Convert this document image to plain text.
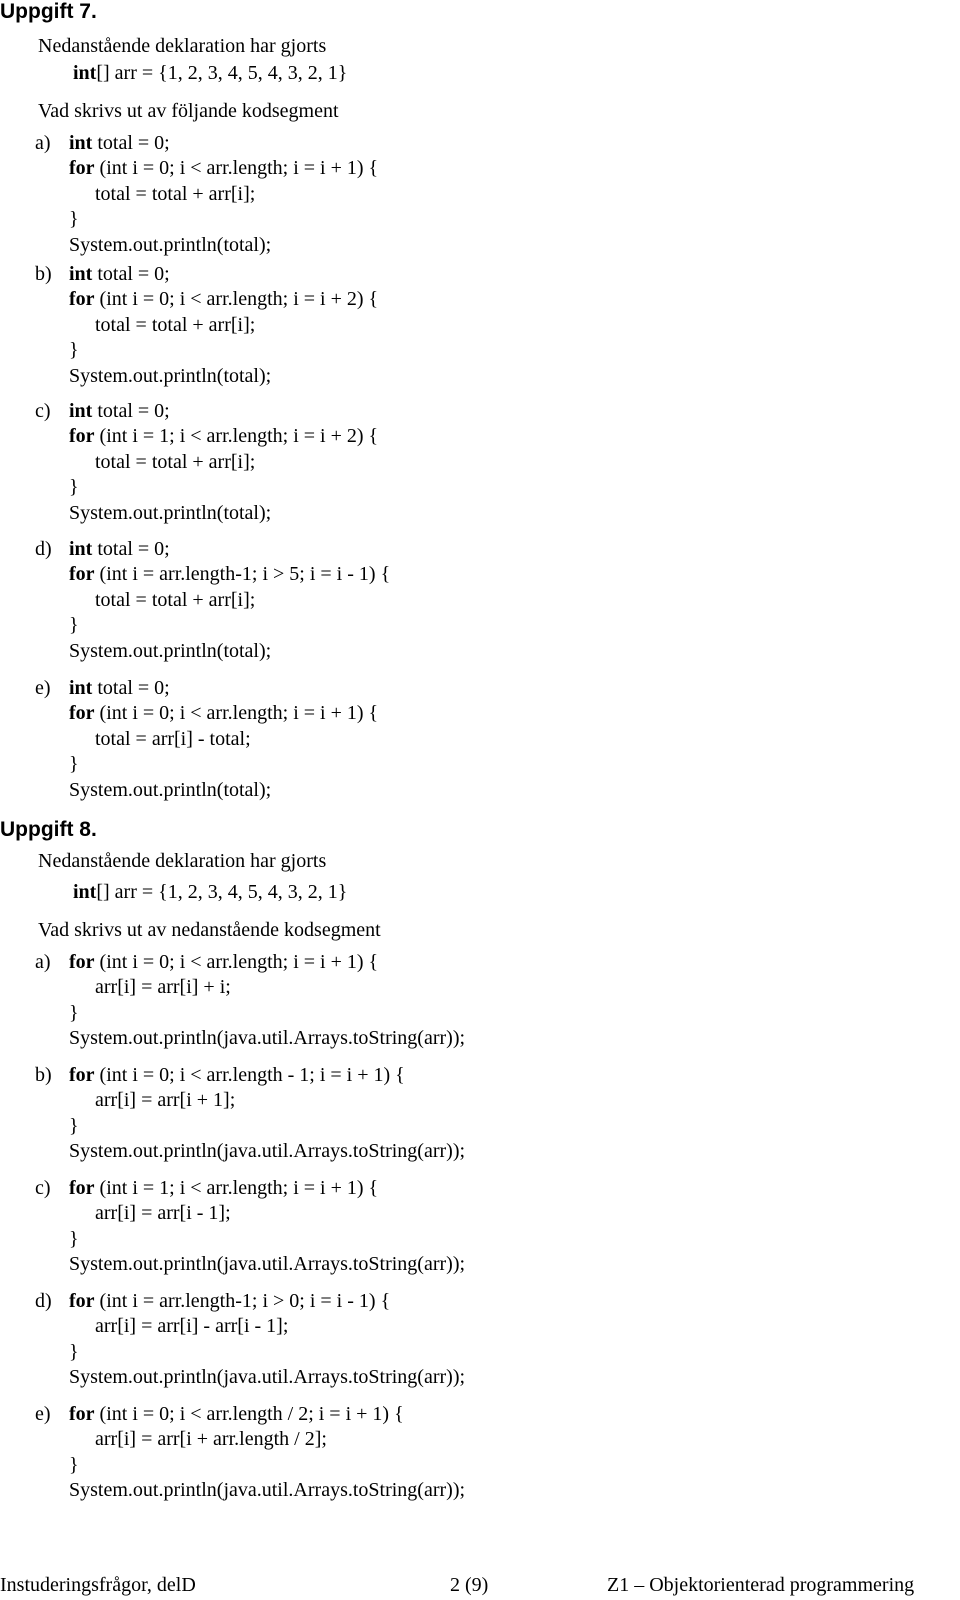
Uppgift 7.
Nedanstående deklaration har gjorts
int[] arr = {1, 2, 3, 4, 5, 4, 3, 2, 1}
Vad skrivs ut av följande kodsegment
Uppgift 8.
Nedanstående deklaration har gjorts
int[] arr = {1, 2, 3, 4, 5, 4, 3, 2, 1}
Vad skrivs ut av nedanstående kodsegment
Instuderingsfrågor, delD	2 (9)	Z1 – Objektorienterad programmering
a) int total = 0;
for (int i = 0; i < arr.length; i = i + 1) {
total = total + arr[i];
}
System.out.println(total);
b) int total = 0;
for (int i = 0; i < arr.length; i = i + 2) {
total = total + arr[i];
}
System.out.println(total);
c) int total = 0;
for (int i = 1; i < arr.length; i = i + 2) {
total = total + arr[i];
}
System.out.println(total);
d) int total = 0;
for (int i = arr.length-1; i > 5; i = i - 1) {
total = total + arr[i];
}
System.out.println(total);
e) int total = 0;
for (int i = 0; i < arr.length; i = i + 1) {
total = arr[i] - total;
}
System.out.println(total);
a) for (int i = 0; i < arr.length; i = i + 1) {
arr[i] = arr[i] + i;
}
System.out.println(java.util.Arrays.toString(arr));
b) for (int i = 0; i < arr.length - 1; i = i + 1) {
arr[i] = arr[i + 1];
}
System.out.println(java.util.Arrays.toString(arr));
c) for (int i = 1; i < arr.length; i = i + 1) {
arr[i] = arr[i - 1];
}
System.out.println(java.util.Arrays.toString(arr));
d) for (int i = arr.length-1; i > 0; i = i - 1) {
arr[i] = arr[i] - arr[i - 1];
}
System.out.println(java.util.Arrays.toString(arr));
e) for (int i = 0; i < arr.length / 2; i = i + 1) {
arr[i] = arr[i + arr.length / 2];
}
System.out.println(java.util.Arrays.toString(arr));
